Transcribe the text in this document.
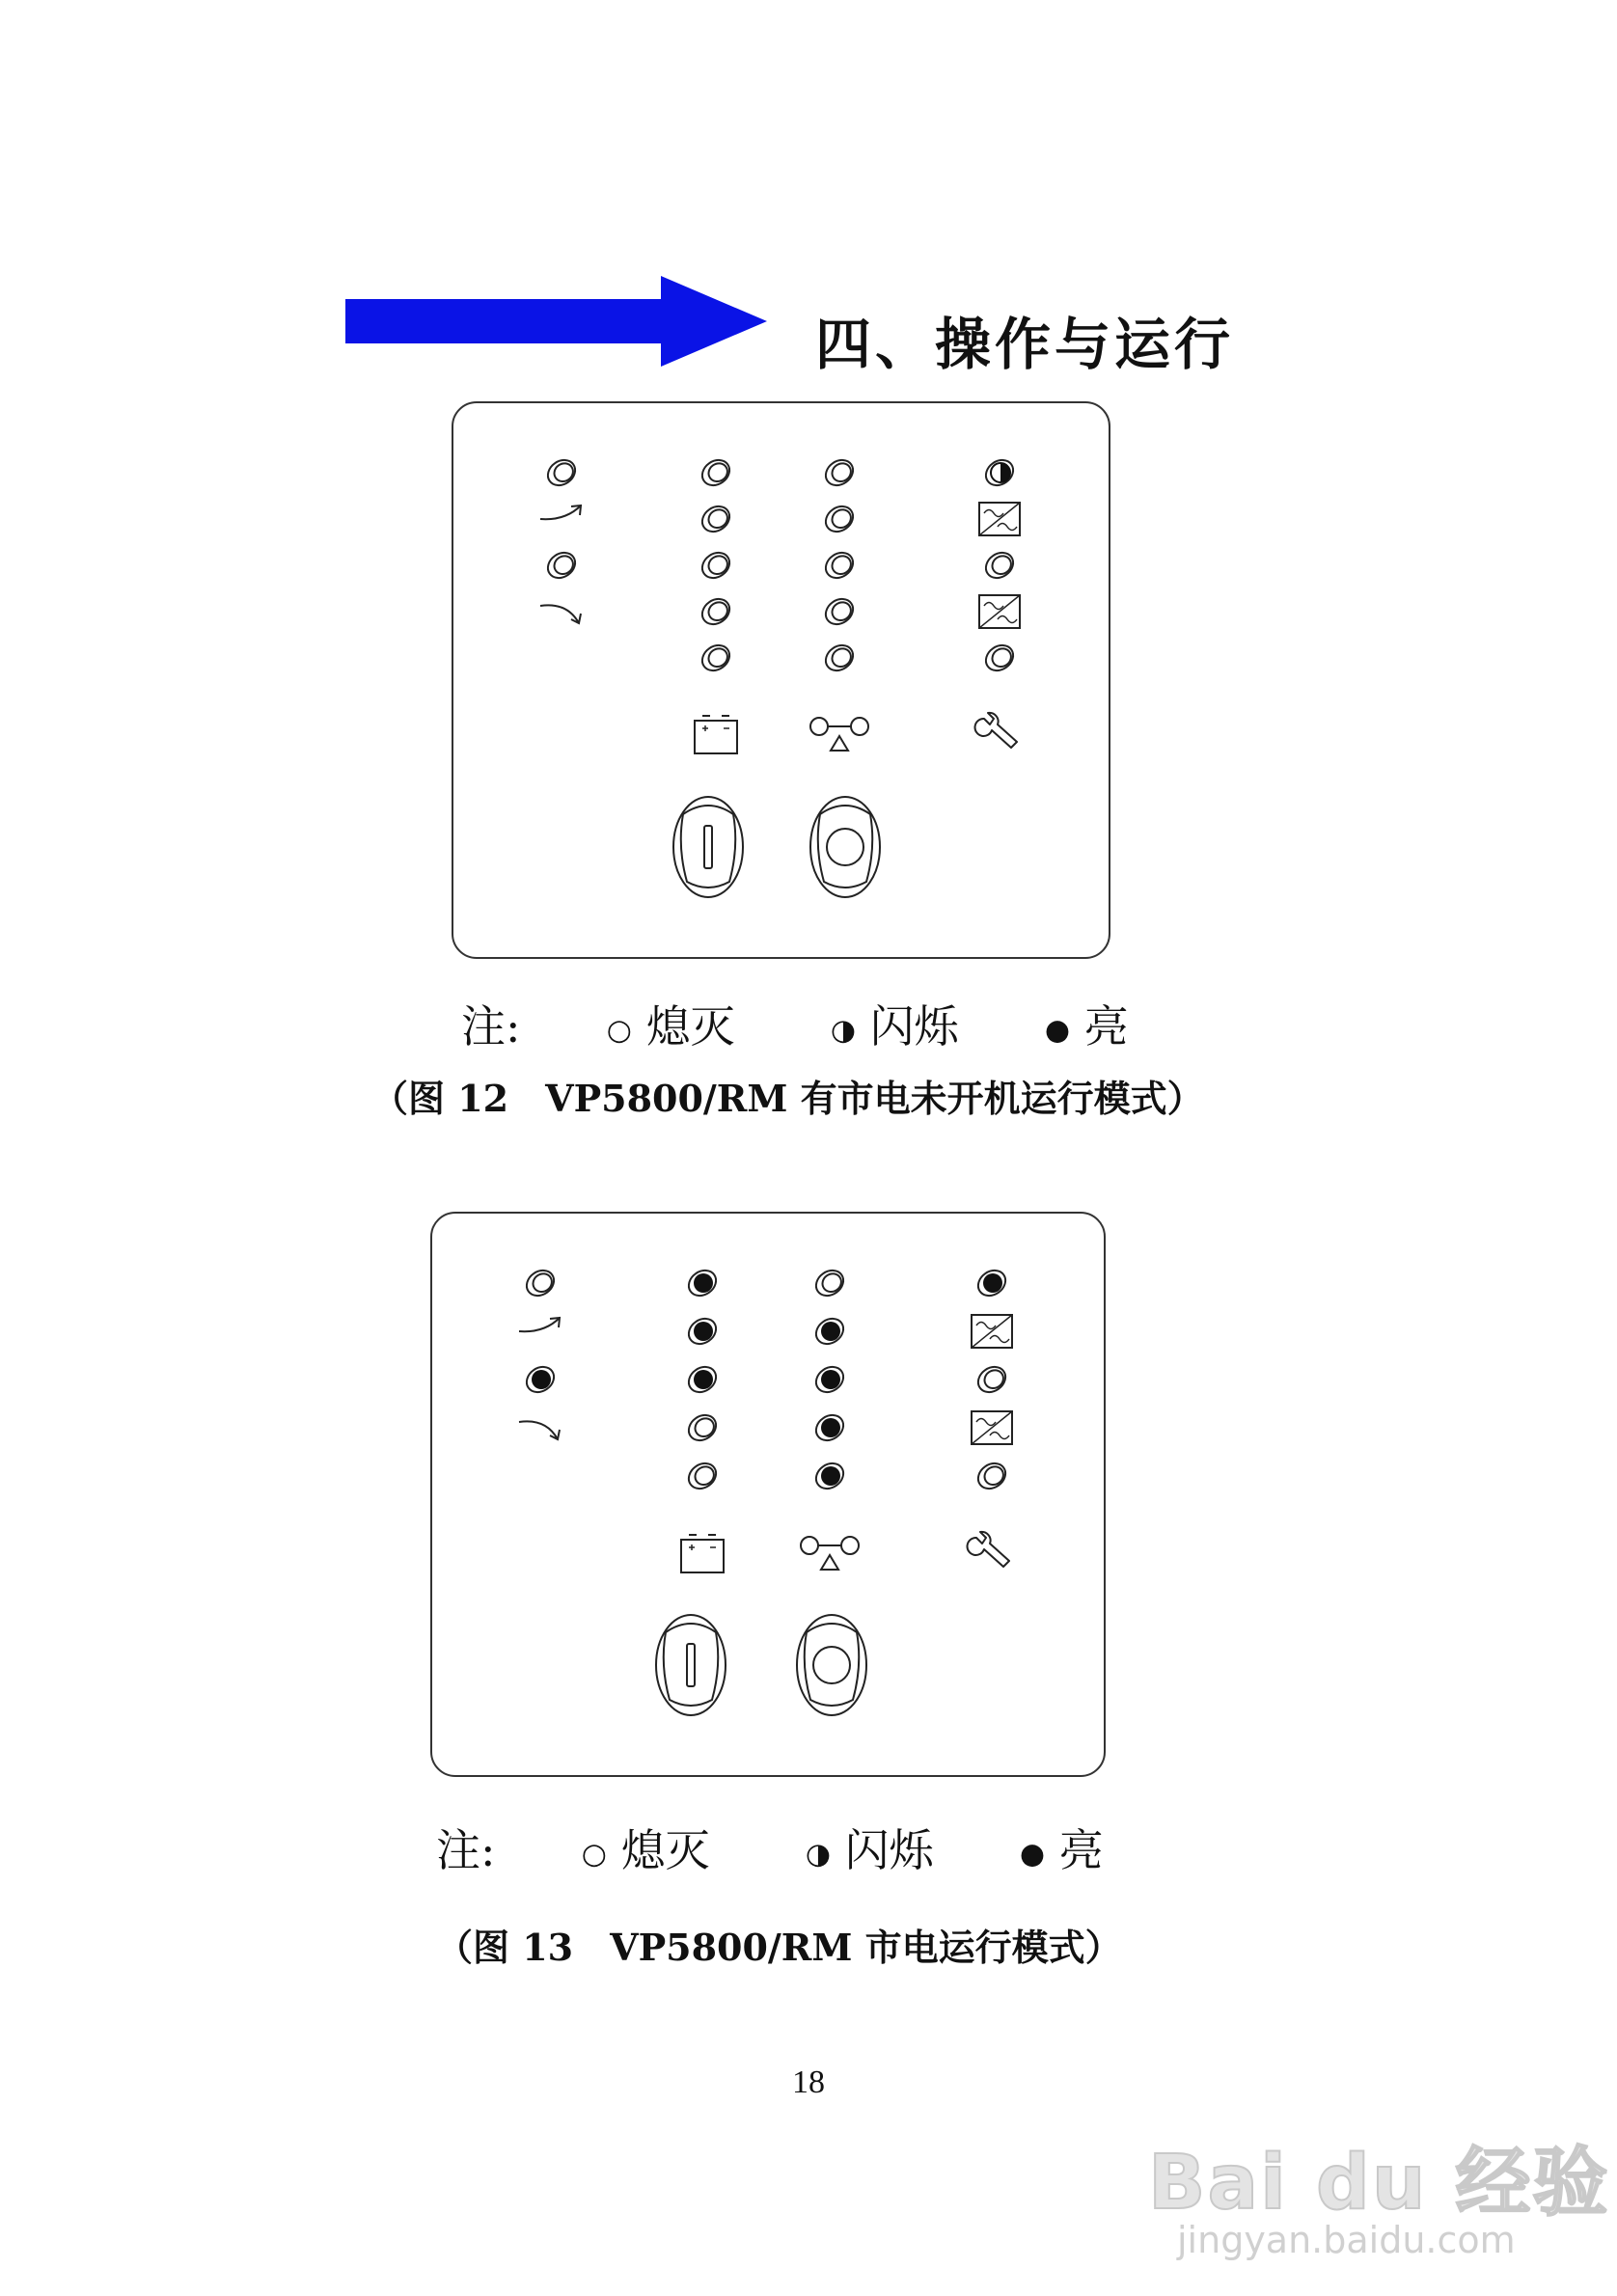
四、操作与运行
注:	○ 熄灭	◑ 闪烁	● 亮
（图 12　VP5800/RM 有市电未开机运行模式）
注:	○ 熄灭	◑ 闪烁	● 亮
（图 13　VP5800/RM 市电运行模式）
18
Bai du 经验
jingyan.baidu.com
